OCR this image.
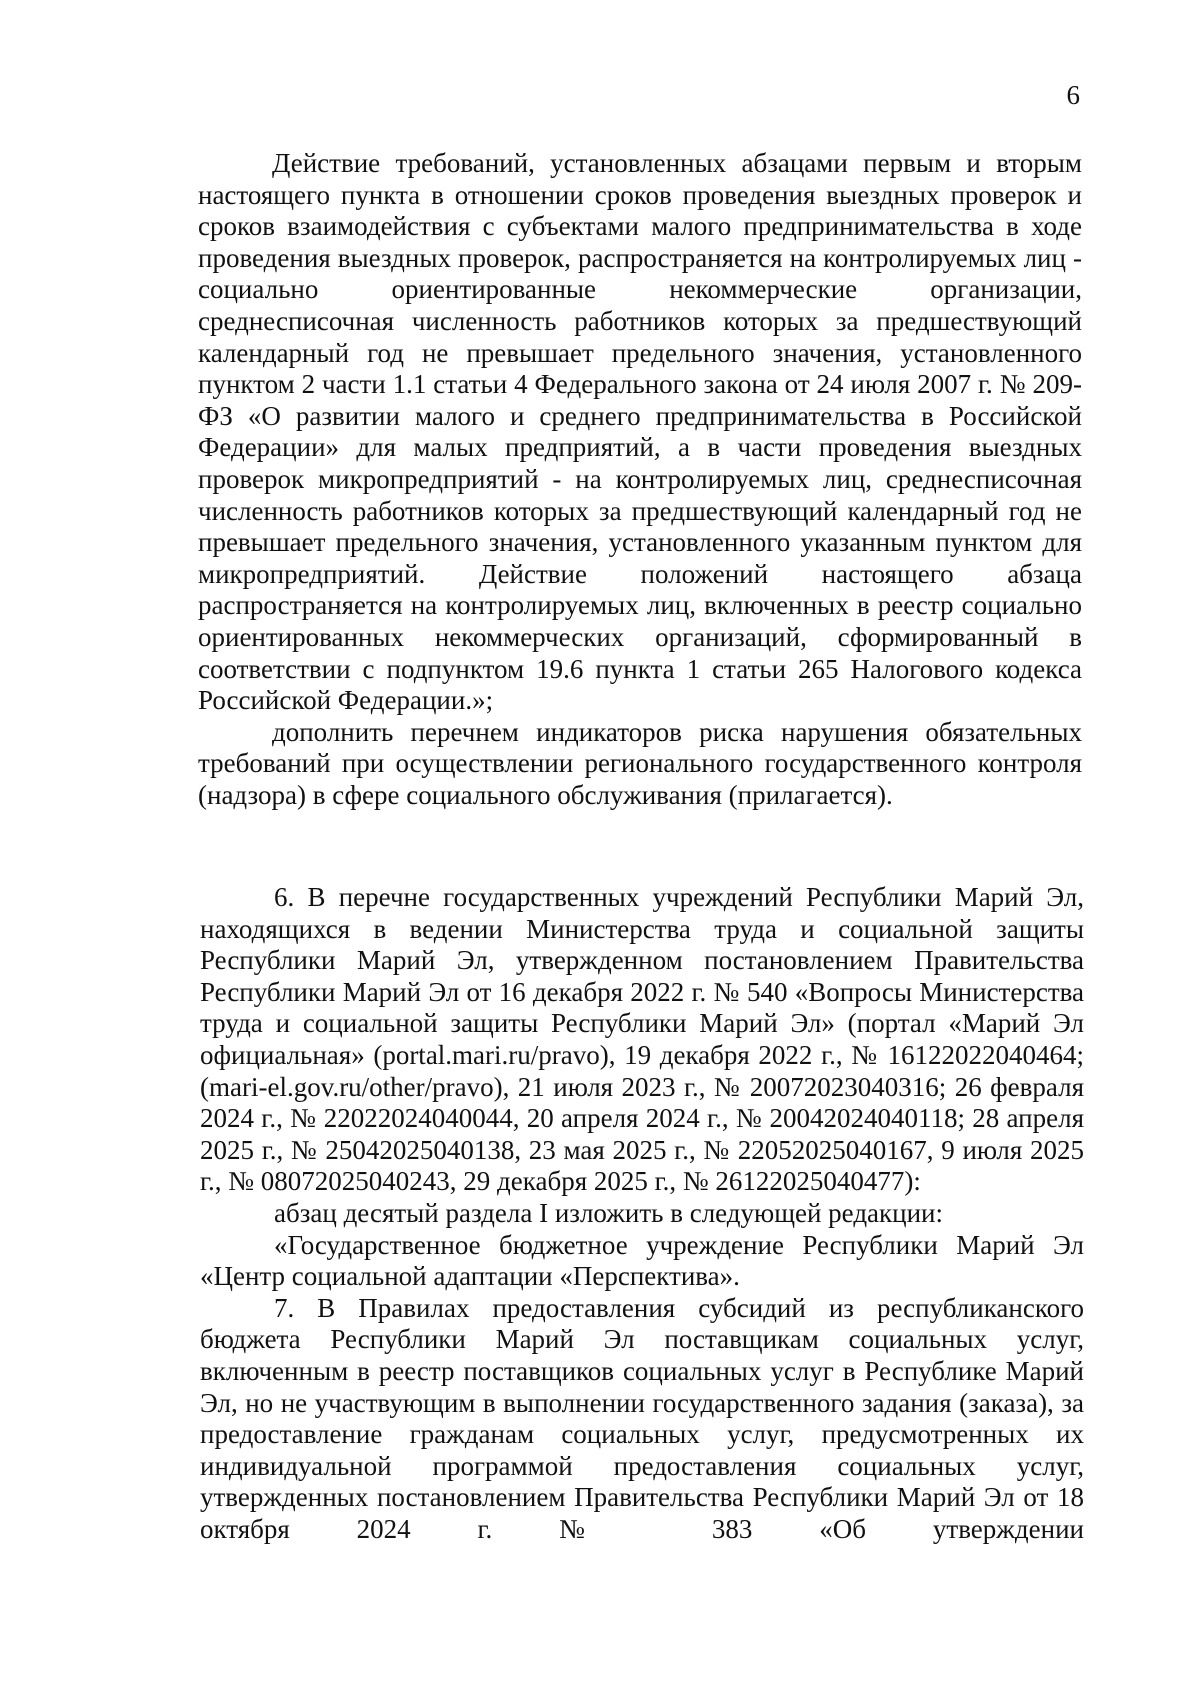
6

Действие требований, установленных абзацами первым и вторым настоящего пункта в отношении сроков проведения выездных проверок и сроков взаимодействия с субъектами малого предпринимательства в ходе проведения выездных проверок, распространяется на контролируемых лиц - социально ориентированные некоммерческие организации, среднесписочная численность работников которых за предшествующий календарный год не превышает предельного значения, установленного пунктом 2 части 1.1 статьи 4 Федерального закона от 24 июля 2007 г. № 209-ФЗ «О развитии малого и среднего предпринимательства в Российской Федерации» для малых предприятий, а в части проведения выездных проверок микропредприятий - на контролируемых лиц, среднесписочная численность работников которых за предшествующий календарный год не превышает предельного значения, установленного указанным пунктом для микропредприятий. Действие положений настоящего абзаца распространяется на контролируемых лиц, включенных в реестр социально ориентированных некоммерческих организаций, сформированный в соответствии с подпунктом 19.6 пункта 1 статьи 265 Налогового кодекса Российской Федерации.»;

дополнить перечнем индикаторов риска нарушения обязательных требований при осуществлении регионального государственного контроля (надзора) в сфере социального обслуживания (прилагается).

6. В перечне государственных учреждений Республики Марий Эл, находящихся в ведении Министерства труда и социальной защиты Республики Марий Эл, утвержденном постановлением Правительства Республики Марий Эл от 16 декабря 2022 г. № 540 «Вопросы Министерства труда и социальной защиты Республики Марий Эл» (портал «Марий Эл официальная» (portal.mari.ru/pravo), 19 декабря 2022 г., № 16122022040464; (mari-el.gov.ru/other/pravo), 21 июля 2023 г., № 20072023040316; 26 февраля 2024 г., № 22022024040044, 20 апреля 2024 г., № 20042024040118; 28 апреля 2025 г., № 25042025040138, 23 мая 2025 г., № 22052025040167, 9 июля 2025 г., № 08072025040243, 29 декабря 2025 г., № 26122025040477):

абзац десятый раздела I изложить в следующей редакции:

«Государственное бюджетное учреждение Республики Марий Эл «Центр социальной адаптации «Перспектива».

7. В Правилах предоставления субсидий из республиканского бюджета Республики Марий Эл поставщикам социальных услуг, включенным в реестр поставщиков социальных услуг в Республике Марий Эл, но не участвующим в выполнении государственного задания (заказа), за предоставление гражданам социальных услуг, предусмотренных их индивидуальной программой предоставления социальных услуг, утвержденных постановлением Правительства Республики Марий Эл от 18 октября 2024 г. № 383 «Об утверждении
